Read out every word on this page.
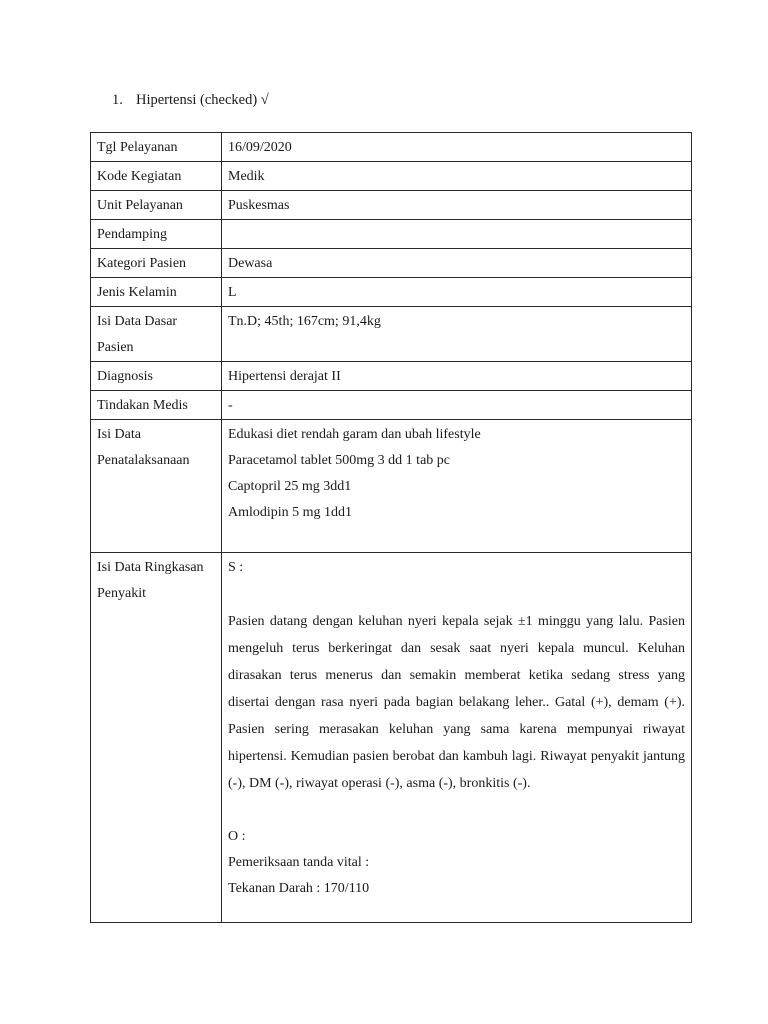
1. Hipertensi (checked) √
Tgl Pelayanan	16/09/2020
Kode Kegiatan	Medik
Unit Pelayanan	Puskesmas
Pendamping	
Kategori Pasien	Dewasa
Jenis Kelamin	L

Isi Data Dasar
Pasien	Tn.D; 45th; 167cm; 91,4kg
Diagnosis	Hipertensi derajat II
Tindakan Medis	-

Isi Data
Penatalaksanaan	Edukasi diet rendah garam dan ubah lifestyle
Paracetamol tablet 500mg 3 dd 1 tab pc
Captopril 25 mg 3dd1
Amlodipin 5 mg 1dd1

Isi Data Ringkasan
Penyakit	S :

Pasien datang dengan keluhan nyeri kepala sejak ±1 minggu yang lalu. Pasien mengeluh terus berkeringat dan sesak saat nyeri kepala muncul. Keluhan dirasakan terus menerus dan semakin memberat ketika sedang stress yang disertai dengan rasa nyeri pada bagian belakang leher.. Gatal (+), demam (+). Pasien sering merasakan keluhan yang sama karena mempunyai riwayat hipertensi. Kemudian pasien berobat dan kambuh lagi. Riwayat penyakit jantung (-), DM (-), riwayat operasi (-), asma (-), bronkitis (-).

O :
Pemeriksaan tanda vital :
Tekanan Darah : 170/110
